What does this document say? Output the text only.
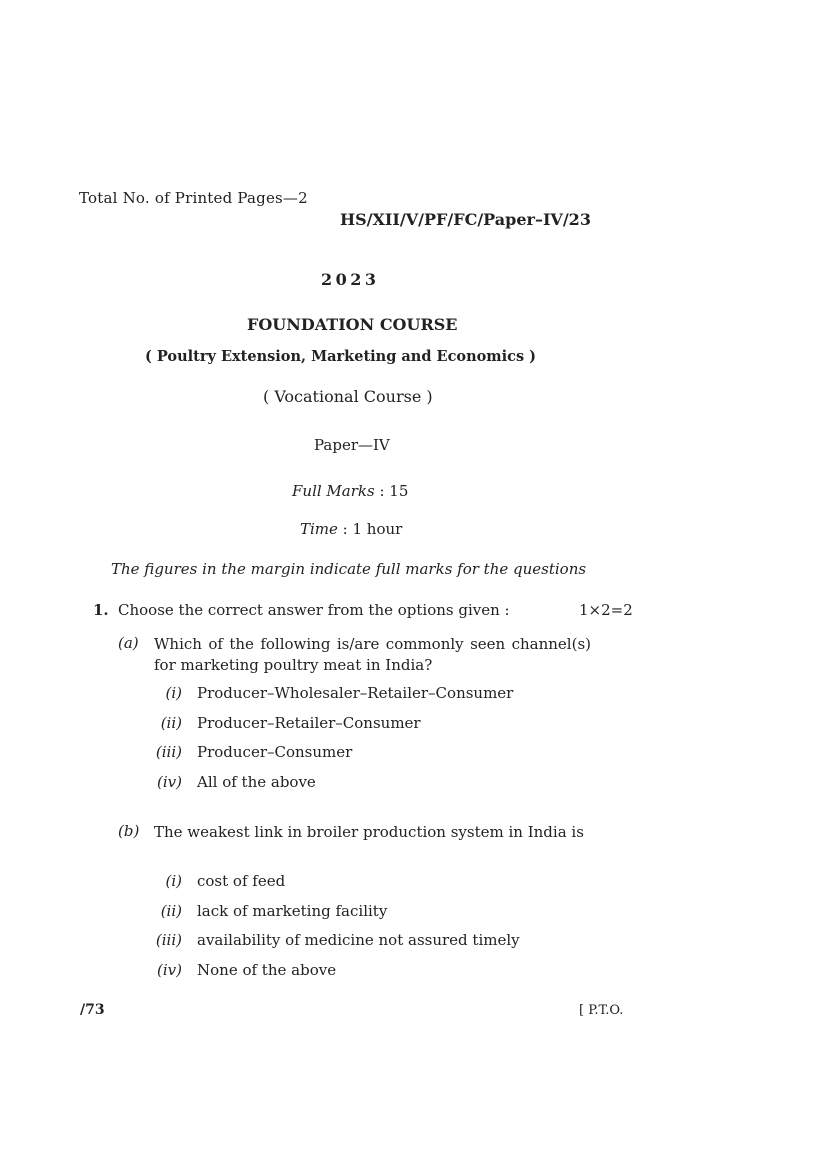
Total No. of Printed Pages—2
HS/XII/V/PF/FC/Paper–IV/23
2023
FOUNDATION COURSE
( Poultry Extension, Marketing and Economics )
( Vocational Course )
Paper—IV
Full Marks : 15
Time : 1 hour
The figures in the margin indicate full marks for the questions
1. Choose the correct answer from the options given :	1×2=2
(a) Which of the following is/are commonly seen channel(s) for marketing poultry meat in India?
(i) Producer–Wholesaler–Retailer–Consumer
(ii) Producer–Retailer–Consumer
(iii) Producer–Consumer
(iv) All of the above
(b) The weakest link in broiler production system in India is
(i) cost of feed
(ii) lack of marketing facility
(iii) availability of medicine not assured timely
(iv) None of the above
/73	[ P.T.O.
